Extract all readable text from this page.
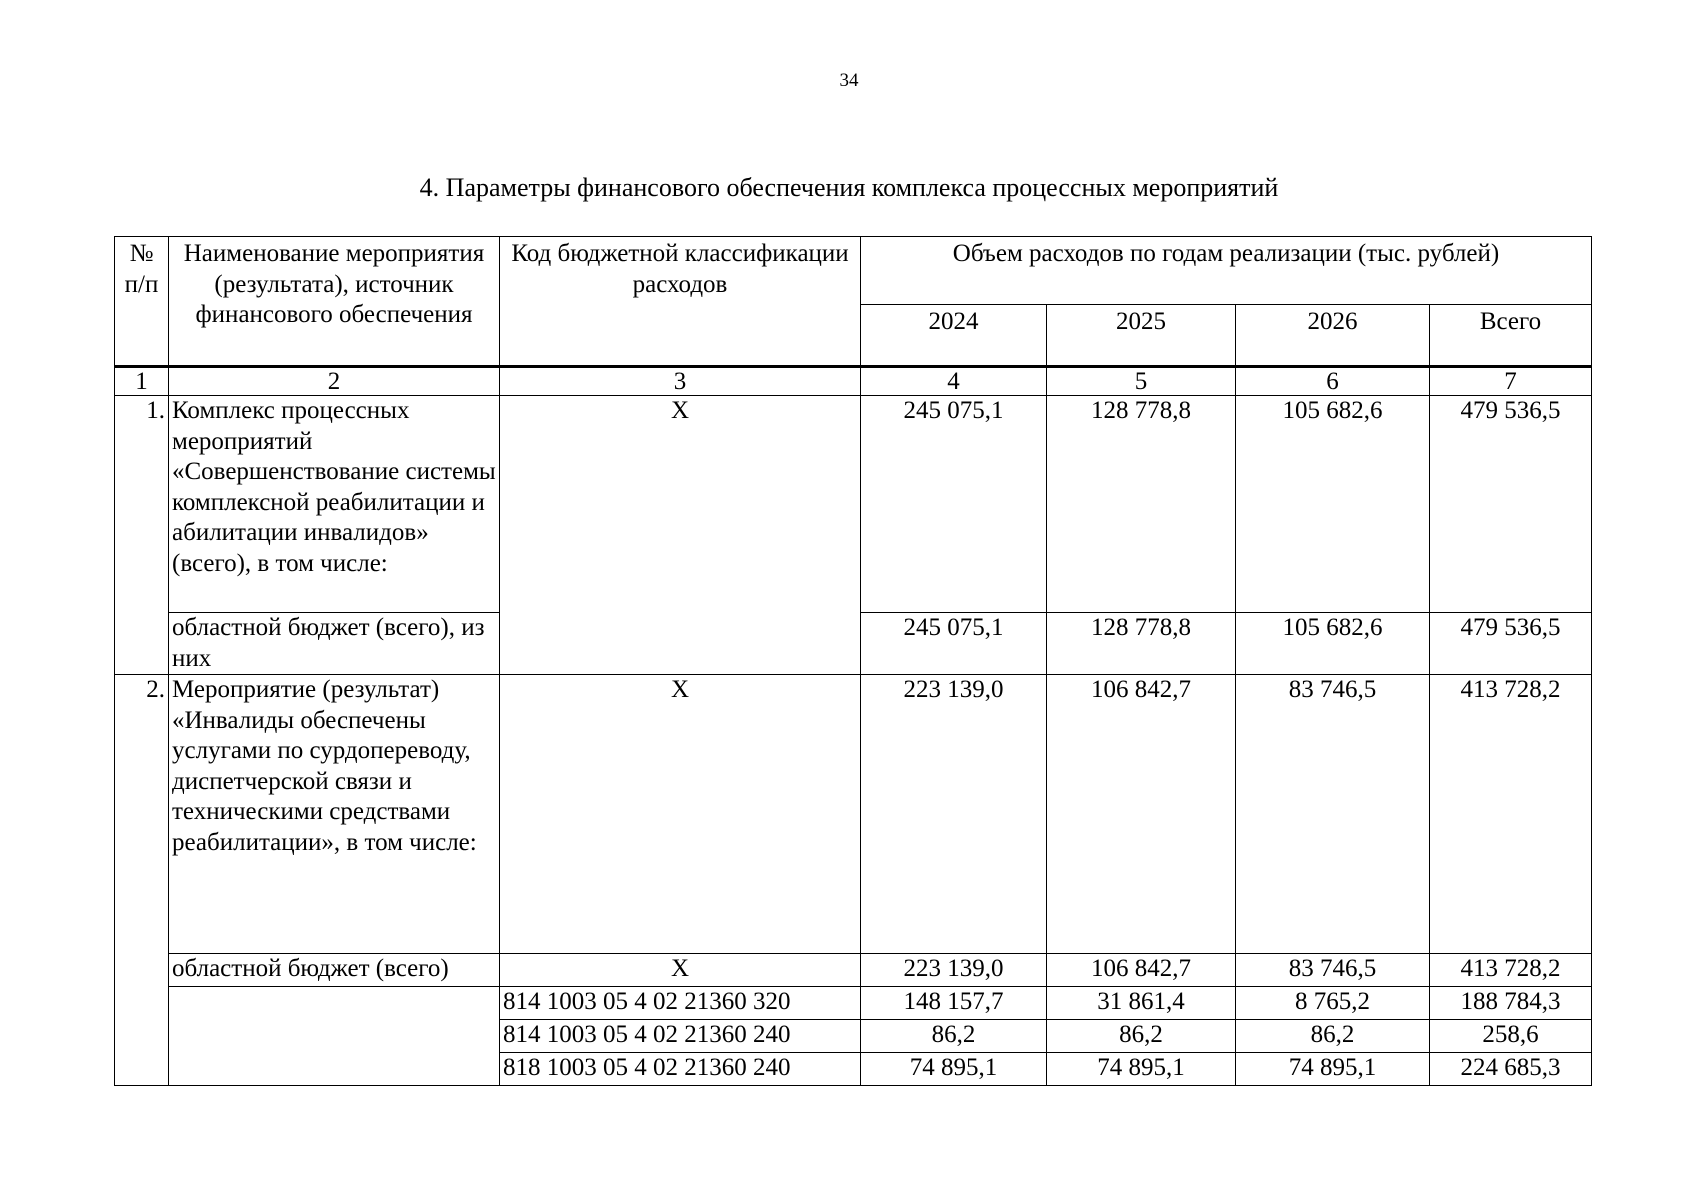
34
4. Параметры финансового обеспечения комплекса процессных мероприятий
№ п/п	Наименование мероприятия (результата), источник финансового обеспечения	Код бюджетной классификации расходов	Объем расходов по годам реализации (тыс. рублей)			
			2024	2025	2026	Всего
1	2	3	4	5	6	7
1.	Комплекс процессных мероприятий «Совершенствование системы комплексной реабилитации и абилитации инвалидов» (всего), в том числе:	X	245 075,1	128 778,8	105 682,6	479 536,5
	областной бюджет (всего), из них		245 075,1	128 778,8	105 682,6	479 536,5
2.	Мероприятие (результат) «Инвалиды обеспечены услугами по сурдопереводу, диспетчерской связи и техническими средствами реабилитации», в том числе:	X	223 139,0	106 842,7	83 746,5	413 728,2
	областной бюджет (всего)	X	223 139,0	106 842,7	83 746,5	413 728,2
		814 1003 05 4 02 21360 320	148 157,7	31 861,4	8 765,2	188 784,3
		814 1003 05 4 02 21360 240	86,2	86,2	86,2	258,6
		818 1003 05 4 02 21360 240	74 895,1	74 895,1	74 895,1	224 685,3
